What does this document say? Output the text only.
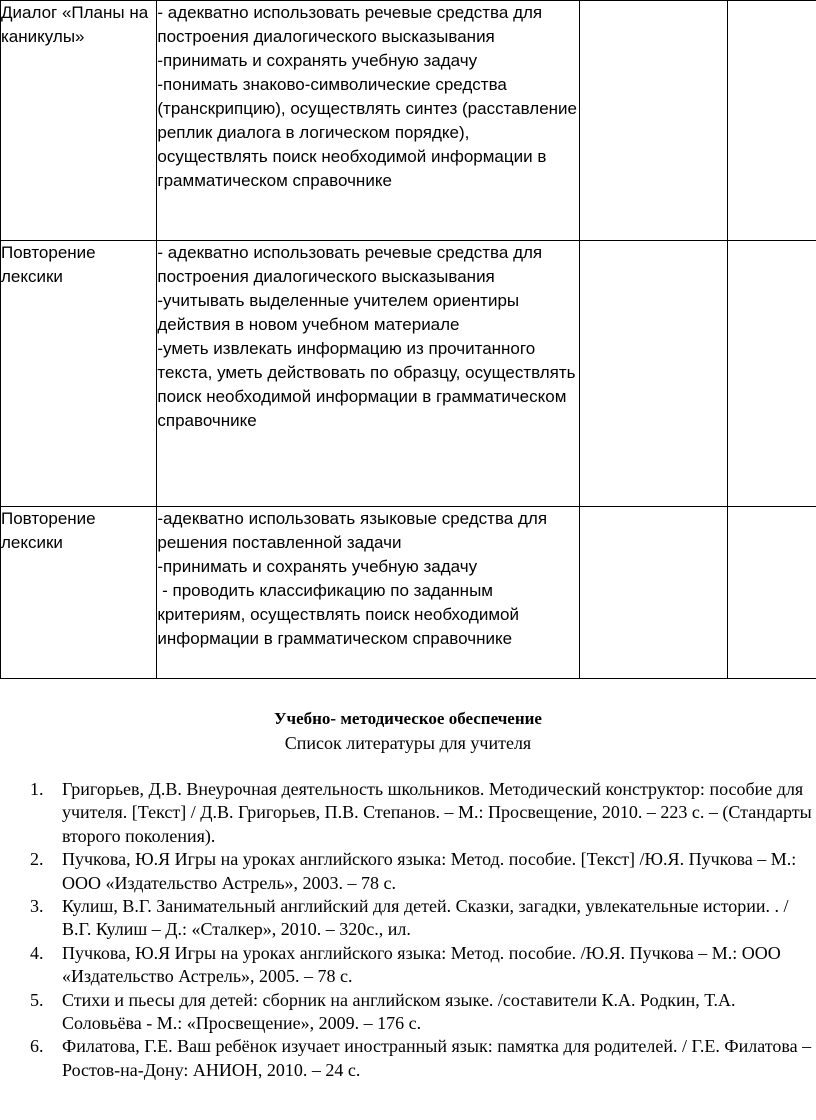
Диалог «Планы на каникулы»	- адекватно использовать речевые средства для построения диалогического высказывания
-принимать и сохранять учебную задачу
-понимать знаково-символические средства (транскрипцию), осуществлять синтез (расставление реплик диалога в логическом порядке), осуществлять поиск необходимой информации в грамматическом справочнике		

Повторение лексики	- адекватно использовать речевые средства для построения диалогического высказывания
-учитывать выделенные учителем ориентиры действия в новом учебном материале
-уметь извлекать информацию из прочитанного текста, уметь действовать по образцу, осуществлять поиск необходимой информации в грамматическом справочнике		

Повторение лексики	-адекватно использовать языковые средства для решения поставленной задачи
-принимать и сохранять учебную задачу
- проводить классификацию по заданным критериям, осуществлять поиск необходимой информации в грамматическом справочнике		

Учебно- методическое обеспечение
Список литературы для учителя
1. Григорьев, Д.В. Внеурочная деятельность школьников. Методический конструктор: пособие для учителя. [Текст] / Д.В. Григорьев, П.В. Степанов. – М.: Просвещение, 2010. – 223 с. – (Стандарты второго поколения).
2. Пучкова, Ю.Я Игры на уроках английского языка: Метод. пособие. [Текст] /Ю.Я. Пучкова – М.: ООО «Издательство Астрель», 2003. – 78 с.
3. Кулиш, В.Г. Занимательный английский для детей. Сказки, загадки, увлекательные истории. . / В.Г. Кулиш – Д.: «Сталкер», 2010. – 320с., ил.
4. Пучкова, Ю.Я Игры на уроках английского языка: Метод. пособие. /Ю.Я. Пучкова – М.: ООО «Издательство Астрель», 2005. – 78 с.
5. Стихи и пьесы для детей: сборник на английском языке. /составители К.А. Родкин, Т.А. Соловьёва - М.: «Просвещение», 2009. – 176 с.
6. Филатова, Г.Е. Ваш ребёнок изучает иностранный язык: памятка для родителей. / Г.Е. Филатова – Ростов-на-Дону: АНИОН, 2010. – 24 с.
